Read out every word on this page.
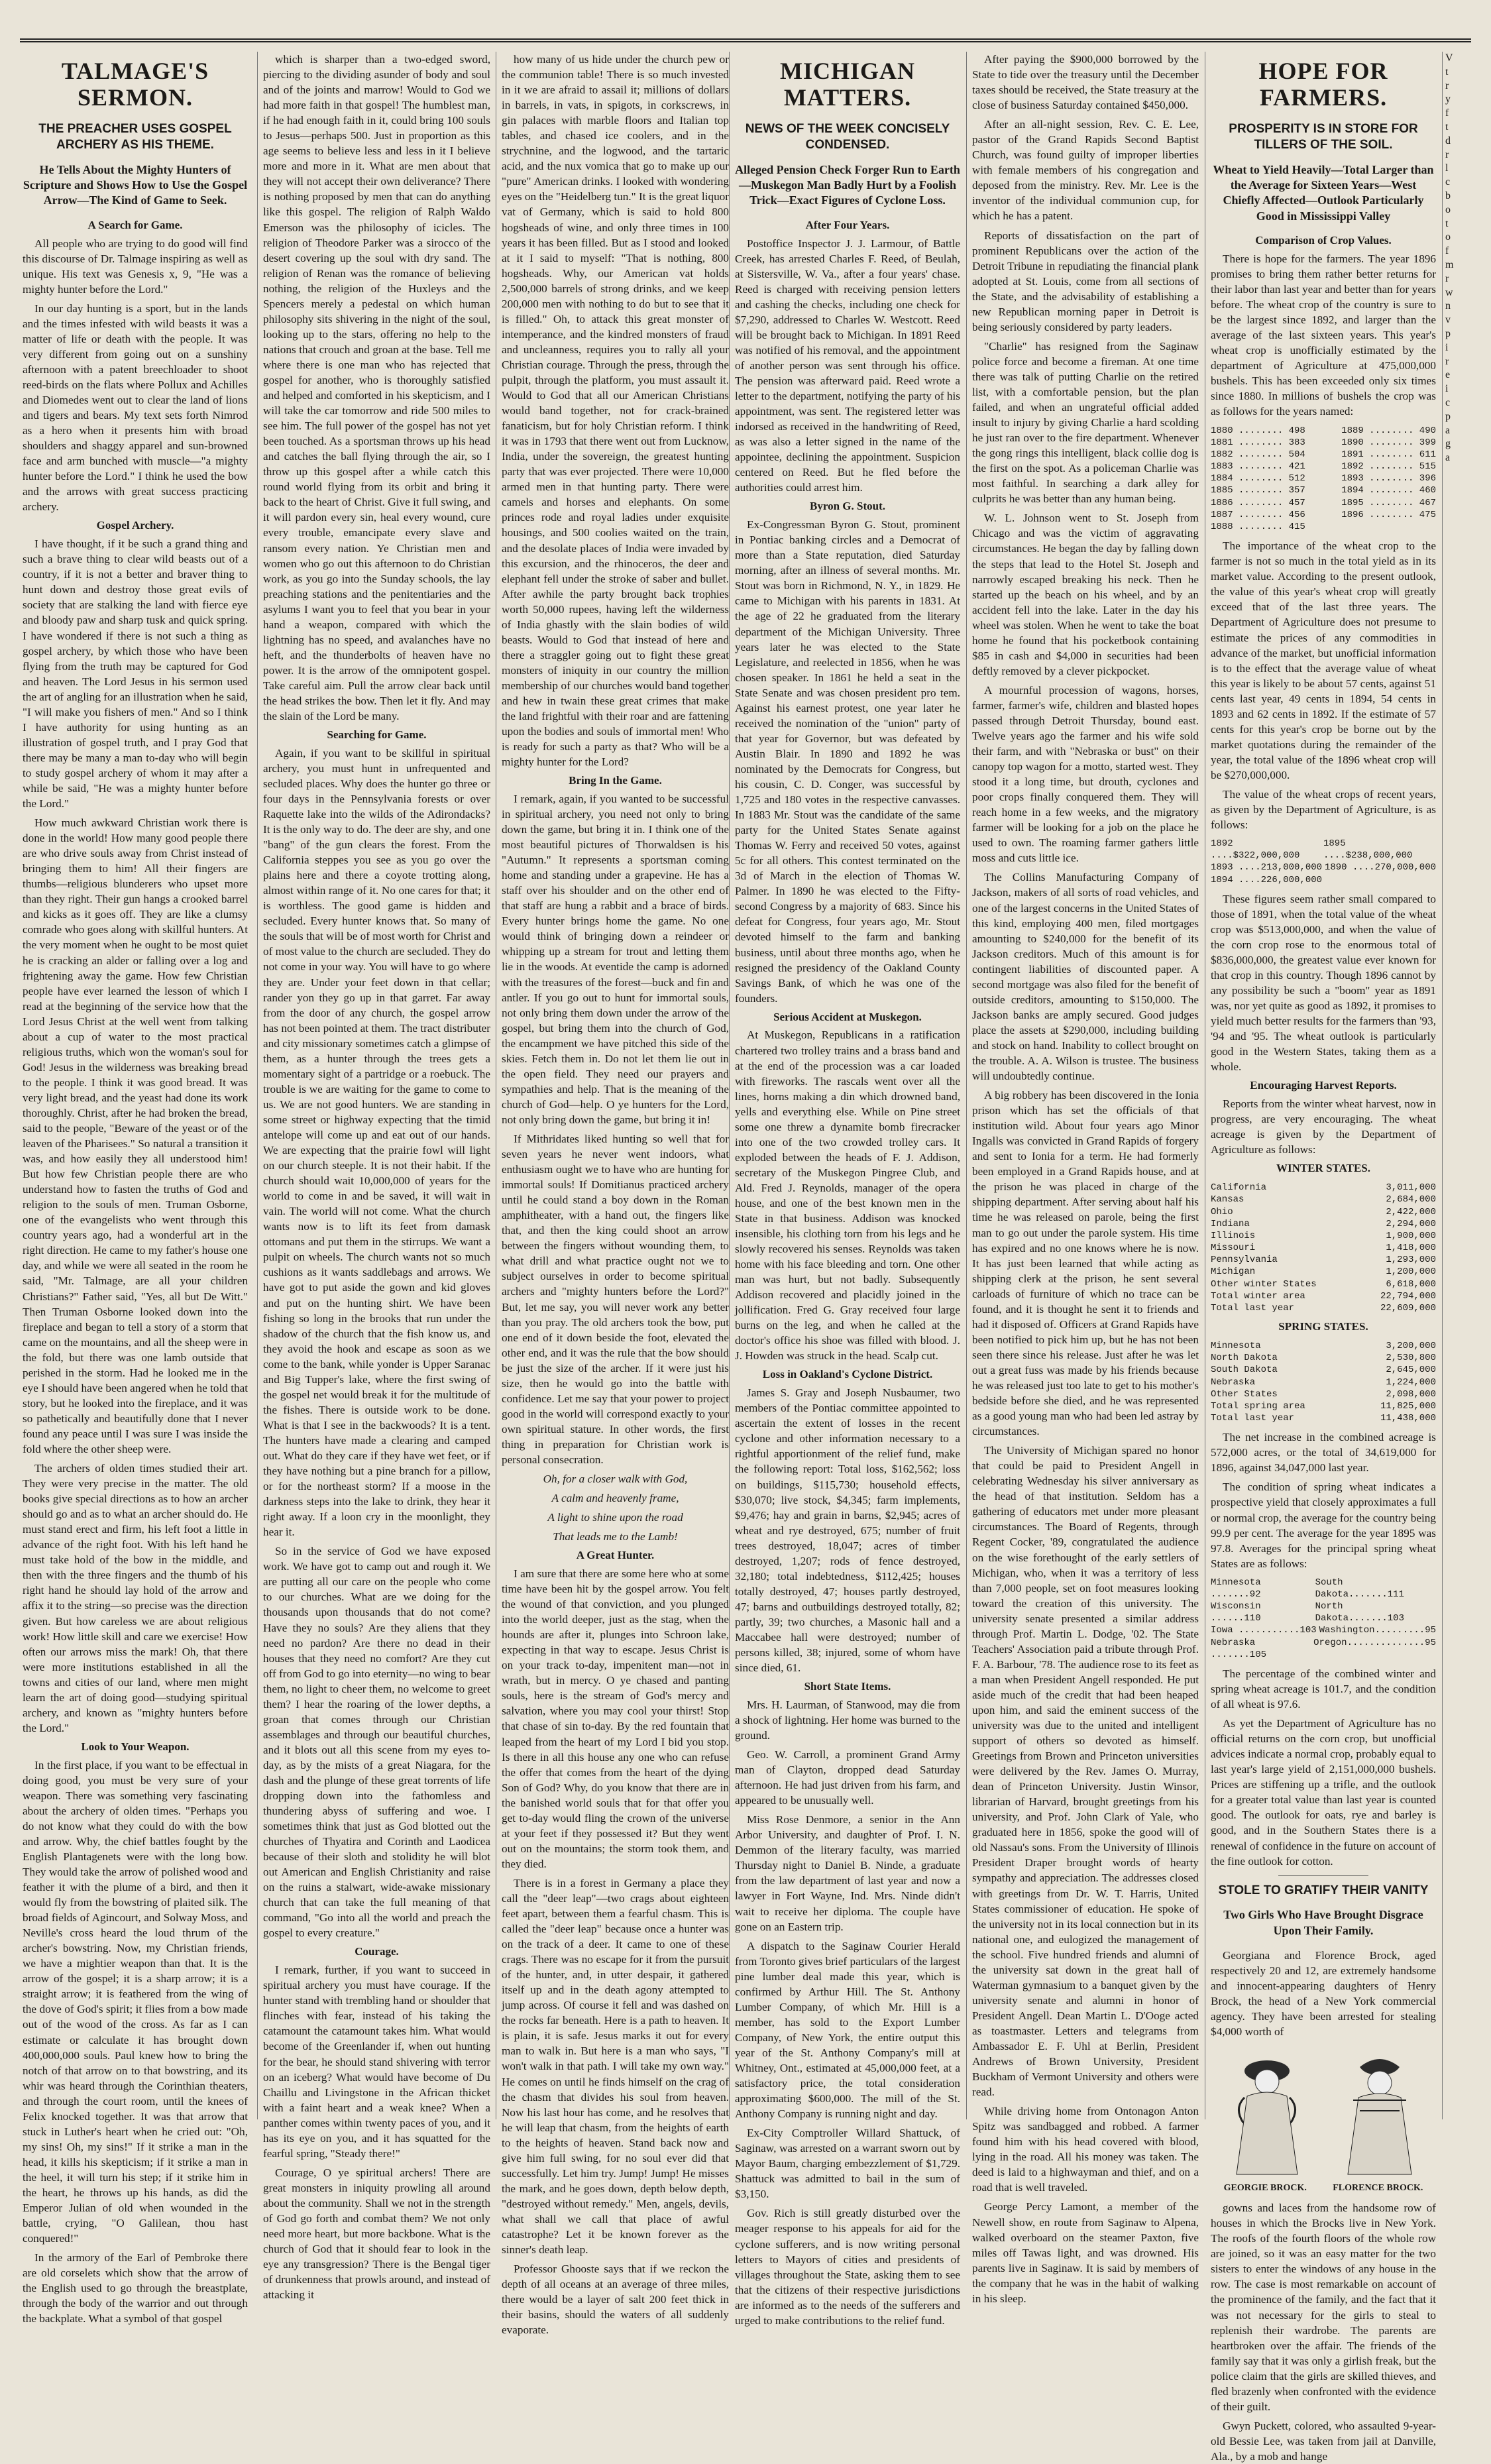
TALMAGE'S SERMON.
THE PREACHER USES GOSPEL ARCHERY AS HIS THEME.
He Tells About the Mighty Hunters of Scripture and Shows How to Use the Gospel Arrow—The Kind of Game to Seek.
A Search for Game.

All people who are trying to do good will find this discourse of Dr. Talmage inspiring as well as unique. His text was Genesis x, 9, "He was a mighty hunter before the Lord."

In our day hunting is a sport, but in the lands and the times infested with wild beasts it was a matter of life or death with the people. It was very different from going out on a sunshiny afternoon with a patent breechloader to shoot reed-birds on the flats where Pollux and Achilles and Diomedes went out to clear the land of lions and tigers and bears. My text sets forth Nimrod as a hero when it presents him with broad shoulders and shaggy apparel and sun-browned face and arm bunched with muscle—"a mighty hunter before the Lord." I think he used the bow and the arrows with great success practicing archery.

Gospel Archery.

I have thought, if it be such a grand thing and such a brave thing to clear wild beasts out of a country, if it is not a better and braver thing to hunt down and destroy those great evils of society that are stalking the land with fierce eye and bloody paw and sharp tusk and quick spring. I have wondered if there is not such a thing as gospel archery, by which those who have been flying from the truth may be captured for God and heaven. The Lord Jesus in his sermon used the art of angling for an illustration when he said, "I will make you fishers of men." And so I think I have authority for using hunting as an illustration of gospel truth, and I pray God that there may be many a man to-day who will begin to study gospel archery of whom it may after a while be said, "He was a mighty hunter before the Lord."

How much awkward Christian work there is done in the world! How many good people there are who drive souls away from Christ instead of bringing them to him! All their fingers are thumbs—religious blunderers who upset more than they right. Their gun hangs a crooked barrel and kicks as it goes off. They are like a clumsy comrade who goes along with skillful hunters. At the very moment when he ought to be most quiet he is cracking an alder or falling over a log and frightening away the game. How few Christian people have ever learned the lesson of which I read at the beginning of the service how that the Lord Jesus Christ at the well went from talking about a cup of water to the most practical religious truths, which won the woman's soul for God! Jesus in the wilderness was breaking bread to the people. I think it was good bread. It was very light bread, and the yeast had done its work thoroughly. Christ, after he had broken the bread, said to the people, "Beware of the yeast or of the leaven of the Pharisees." So natural a transition it was, and how easily they all understood him! But how few Christian people there are who understand how to fasten the truths of God and religion to the souls of men. Truman Osborne, one of the evangelists who went through this country years ago, had a wonderful art in the right direction. He came to my father's house one day, and while we were all seated in the room he said, "Mr. Talmage, are all your children Christians?" Father said, "Yes, all but De Witt." Then Truman Osborne looked down into the fireplace and began to tell a story of a storm that came on the mountains, and all the sheep were in the fold, but there was one lamb outside that perished in the storm. Had he looked me in the eye I should have been angered when he told that story, but he looked into the fireplace, and it was so pathetically and beautifully done that I never found any peace until I was sure I was inside the fold where the other sheep were.

The archers of olden times studied their art. They were very precise in the matter. The old books give special directions as to how an archer should go and as to what an archer should do. He must stand erect and firm, his left foot a little in advance of the right foot. With his left hand he must take hold of the bow in the middle, and then with the three fingers and the thumb of his right hand he should lay hold of the arrow and affix it to the string—so precise was the direction given. But how careless we are about religious work! How little skill and care we exercise! How often our arrows miss the mark! Oh, that there were more institutions established in all the towns and cities of our land, where men might learn the art of doing good—studying spiritual archery, and known as "mighty hunters before the Lord."

Look to Your Weapon.

In the first place, if you want to be effectual in doing good, you must be very sure of your weapon. There was something very fascinating about the archery of olden times. "Perhaps you do not know what they could do with the bow and arrow. Why, the chief battles fought by the English Plantagenets were with the long bow. They would take the arrow of polished wood and feather it with the plume of a bird, and then it would fly from the bowstring of plaited silk. The broad fields of Agincourt, and Solway Moss, and Neville's cross heard the loud thrum of the archer's bowstring. Now, my Christian friends, we have a mightier weapon than that. It is the arrow of the gospel; it is a sharp arrow; it is a straight arrow; it is feathered from the wing of the dove of God's spirit; it flies from a bow made out of the wood of the cross. As far as I can estimate or calculate it has brought down 400,000,000 souls. Paul knew how to bring the notch of that arrow on to that bowstring, and its whir was heard through the Corinthian theaters, and through the court room, until the knees of Felix knocked together. It was that arrow that stuck in Luther's heart when he cried out: "Oh, my sins! Oh, my sins!" If it strike a man in the head, it kills his skepticism; if it strike a man in the heel, it will turn his step; if it strike him in the heart, he throws up his hands, as did the Emperor Julian of old when wounded in the battle, crying, "O Galilean, thou hast conquered!"

In the armory of the Earl of Pembroke there are old corselets which show that the arrow of the English used to go through the breastplate, through the body of the warrior and out through the backplate. What a symbol of that gospel

which is sharper than a two-edged sword, piercing to the dividing asunder of body and soul and of the joints and marrow! Would to God we had more faith in that gospel! The humblest man, if he had enough faith in it, could bring 100 souls to Jesus—perhaps 500. Just in proportion as this age seems to believe less and less in it I believe more and more in it. What are men about that they will not accept their own deliverance? There is nothing proposed by men that can do anything like this gospel. The religion of Ralph Waldo Emerson was the philosophy of icicles. The religion of Theodore Parker was a sirocco of the desert covering up the soul with dry sand. The religion of Renan was the romance of believing nothing, the religion of the Huxleys and the Spencers merely a pedestal on which human philosophy sits shivering in the night of the soul, looking up to the stars, offering no help to the nations that crouch and groan at the base. Tell me where there is one man who has rejected that gospel for another, who is thoroughly satisfied and helped and comforted in his skepticism, and I will take the car tomorrow and ride 500 miles to see him. The full power of the gospel has not yet been touched. As a sportsman throws up his head and catches the ball flying through the air, so I throw up this gospel after a while catch this round world flying from its orbit and bring it back to the heart of Christ. Give it full swing, and it will pardon every sin, heal every wound, cure every trouble, emancipate every slave and ransom every nation. Ye Christian men and women who go out this afternoon to do Christian work, as you go into the Sunday schools, the lay preaching stations and the penitentiaries and the asylums I want you to feel that you bear in your hand a weapon, compared with which the lightning has no speed, and avalanches have no heft, and the thunderbolts of heaven have no power. It is the arrow of the omnipotent gospel. Take careful aim. Pull the arrow clear back until the head strikes the bow. Then let it fly. And may the slain of the Lord be many.

Searching for Game.

Again, if you want to be skillful in spiritual archery, you must hunt in unfrequented and secluded places. Why does the hunter go three or four days in the Pennsylvania forests or over Raquette lake into the wilds of the Adirondacks? It is the only way to do. The deer are shy, and one "bang" of the gun clears the forest. From the California steppes you see as you go over the plains here and there a coyote trotting along, almost within range of it. No one cares for that; it is worthless. The good game is hidden and secluded. Every hunter knows that. So many of the souls that will be of most worth for Christ and of most value to the church are secluded. They do not come in your way. You will have to go where they are. Under your feet down in that cellar; rander yon they go up in that garret. Far away from the door of any church, the gospel arrow has not been pointed at them. The tract distributer and city missionary sometimes catch a glimpse of them, as a hunter through the trees gets a momentary sight of a partridge or a roebuck. The trouble is we are waiting for the game to come to us. We are not good hunters. We are standing in some street or highway expecting that the timid antelope will come up and eat out of our hands. We are expecting that the prairie fowl will light on our church steeple. It is not their habit. If the church should wait 10,000,000 of years for the world to come in and be saved, it will wait in vain. The world will not come. What the church wants now is to lift its feet from damask ottomans and put them in the stirrups. We want a pulpit on wheels. The church wants not so much cushions as it wants saddlebags and arrows. We have got to put aside the gown and kid gloves and put on the hunting shirt. We have been fishing so long in the brooks that run under the shadow of the church that the fish know us, and they avoid the hook and escape as soon as we come to the bank, while yonder is Upper Saranac and Big Tupper's lake, where the first swing of the gospel net would break it for the multitude of the fishes. There is outside work to be done. What is that I see in the backwoods? It is a tent. The hunters have made a clearing and camped out. What do they care if they have wet feet, or if they have nothing but a pine branch for a pillow, or for the northeast storm? If a moose in the darkness steps into the lake to drink, they hear it right away. If a loon cry in the moonlight, they hear it.

So in the service of God we have exposed work. We have got to camp out and rough it. We are putting all our care on the people who come to our churches. What are we doing for the thousands upon thousands that do not come? Have they no souls? Are they aliens that they need no pardon? Are there no dead in their houses that they need no comfort? Are they cut off from God to go into eternity—no wing to bear them, no light to cheer them, no welcome to greet them? I hear the roaring of the lower depths, a groan that comes through our Christian assemblages and through our beautiful churches, and it blots out all this scene from my eyes to-day, as by the mists of a great Niagara, for the dash and the plunge of these great torrents of life dropping down into the fathomless and thundering abyss of suffering and woe. I sometimes think that just as God blotted out the churches of Thyatira and Corinth and Laodicea because of their sloth and stolidity he will blot out American and English Christianity and raise on the ruins a stalwart, wide-awake missionary church that can take the full meaning of that command, "Go into all the world and preach the gospel to every creature."

Courage.

I remark, further, if you want to succeed in spiritual archery you must have courage. If the hunter stand with trembling hand or shoulder that flinches with fear, instead of his taking the catamount the catamount takes him. What would become of the Greenlander if, when out hunting for the bear, he should stand shivering with terror on an iceberg? What would have become of Du Chaillu and Livingstone in the African thicket with a faint heart and a weak knee? When a panther comes within twenty paces of you, and it has its eye on you, and it has squatted for the fearful spring, "Steady there!"

Courage, O ye spiritual archers! There are great monsters in iniquity prowling all around about the community. Shall we not in the strength of God go forth and combat them? We not only need more heart, but more backbone. What is the church of God that it should fear to look in the eye any transgression? There is the Bengal tiger of drunkenness that prowls around, and instead of attacking it

how many of us hide under the church pew or the communion table! There is so much invested in it we are afraid to assail it; millions of dollars in barrels, in vats, in spigots, in corkscrews, in gin palaces with marble floors and Italian top tables, and chased ice coolers, and in the strychnine, and the logwood, and the tartaric acid, and the nux vomica that go to make up our "pure" American drinks. I looked with wondering eyes on the "Heidelberg tun." It is the great liquor vat of Germany, which is said to hold 800 hogsheads of wine, and only three times in 100 years it has been filled. But as I stood and looked at it I said to myself: "That is nothing, 800 hogsheads. Why, our American vat holds 2,500,000 barrels of strong drinks, and we keep 200,000 men with nothing to do but to see that it is filled." Oh, to attack this great monster of intemperance, and the kindred monsters of fraud and uncleanness, requires you to rally all your Christian courage. Through the press, through the pulpit, through the platform, you must assault it. Would to God that all our American Christians would band together, not for crack-brained fanaticism, but for holy Christian reform. I think it was in 1793 that there went out from Lucknow, India, under the sovereign, the greatest hunting party that was ever projected. There were 10,000 armed men in that hunting party. There were camels and horses and elephants. On some princes rode and royal ladies under exquisite housings, and 500 coolies waited on the train, and the desolate places of India were invaded by this excursion, and the rhinoceros, the deer and elephant fell under the stroke of saber and bullet. After awhile the party brought back trophies worth 50,000 rupees, having left the wilderness of India ghastly with the slain bodies of wild beasts. Would to God that instead of here and there a straggler going out to fight these great monsters of iniquity in our country the million membership of our churches would band together and hew in twain these great crimes that make the land frightful with their roar and are fattening upon the bodies and souls of immortal men! Who is ready for such a party as that? Who will be a mighty hunter for the Lord?

Bring In the Game.

I remark, again, if you wanted to be successful in spiritual archery, you need not only to bring down the game, but bring it in. I think one of the most beautiful pictures of Thorwaldsen is his "Autumn." It represents a sportsman coming home and standing under a grapevine. He has a staff over his shoulder and on the other end of that staff are hung a rabbit and a brace of birds. Every hunter brings home the game. No one would think of bringing down a reindeer or whipping up a stream for trout and letting them lie in the woods. At eventide the camp is adorned with the treasures of the forest—buck and fin and antler. If you go out to hunt for immortal souls, not only bring them down under the arrow of the gospel, but bring them into the church of God, the encampment we have pitched this side of the skies. Fetch them in. Do not let them lie out in the open field. They need our prayers and sympathies and help. That is the meaning of the church of God—help. O ye hunters for the Lord, not only bring down the game, but bring it in!

If Mithridates liked hunting so well that for seven years he never went indoors, what enthusiasm ought we to have who are hunting for immortal souls! If Domitianus practiced archery until he could stand a boy down in the Roman amphitheater, with a hand out, the fingers like that, and then the king could shoot an arrow between the fingers without wounding them, to what drill and what practice ought not we to subject ourselves in order to become spiritual archers and "mighty hunters before the Lord?" But, let me say, you will never work any better than you pray. The old archers took the bow, put one end of it down beside the foot, elevated the other end, and it was the rule that the bow should be just the size of the archer. If it were just his size, then he would go into the battle with confidence. Let me say that your power to project good in the world will correspond exactly to your own spiritual stature. In other words, the first thing in preparation for Christian work is personal consecration.

Oh, for a closer walk with God,
A calm and heavenly frame,
A light to shine upon the road
That leads me to the Lamb!
A Great Hunter.

I am sure that there are some here who at some time have been hit by the gospel arrow. You felt the wound of that conviction, and you plunged into the world deeper, just as the stag, when the hounds are after it, plunges into Schroon lake, expecting in that way to escape. Jesus Christ is on your track to-day, impenitent man—not in wrath, but in mercy. O ye chased and panting souls, here is the stream of God's mercy and salvation, where you may cool your thirst! Stop that chase of sin to-day. By the red fountain that leaped from the heart of my Lord I bid you stop. Is there in all this house any one who can refuse the offer that comes from the heart of the dying Son of God? Why, do you know that there are in the banished world souls that for that offer you get to-day would fling the crown of the universe at your feet if they possessed it? But they went out on the mountains; the storm took them, and they died.

There is in a forest in Germany a place they call the "deer leap"—two crags about eighteen feet apart, between them a fearful chasm. This is called the "deer leap" because once a hunter was on the track of a deer. It came to one of these crags. There was no escape for it from the pursuit of the hunter, and, in utter despair, it gathered itself up and in the death agony attempted to jump across. Of course it fell and was dashed on the rocks far beneath. Here is a path to heaven. It is plain, it is safe. Jesus marks it out for every man to walk in. But here is a man who says, "I won't walk in that path. I will take my own way." He comes on until he finds himself on the crag of the chasm that divides his soul from heaven. Now his last hour has come, and he resolves that he will leap that chasm, from the heights of earth to the heights of heaven. Stand back now and give him full swing, for no soul ever did that successfully. Let him try. Jump! Jump! He misses the mark, and he goes down, depth below depth, "destroyed without remedy." Men, angels, devils, what shall we call that place of awful catastrophe? Let it be known forever as the sinner's death leap.

Professor Ghooste says that if we reckon the depth of all oceans at an average of three miles, there would be a layer of salt 200 feet thick in their basins, should the waters of all suddenly evaporate.

MICHIGAN MATTERS.
NEWS OF THE WEEK CONCISELY CONDENSED.
Alleged Pension Check Forger Run to Earth—Muskegon Man Badly Hurt by a Foolish Trick—Exact Figures of Cyclone Loss.
After Four Years.

Postoffice Inspector J. J. Larmour, of Battle Creek, has arrested Charles F. Reed, of Beulah, at Sistersville, W. Va., after a four years' chase. Reed is charged with receiving pension letters and cashing the checks, including one check for $7,290, addressed to Charles W. Westcott. Reed will be brought back to Michigan. In 1891 Reed was notified of his removal, and the appointment of another person was sent through his office. The pension was afterward paid. Reed wrote a letter to the department, notifying the party of his appointment, was sent. The registered letter was indorsed as received in the handwriting of Reed, as was also a letter signed in the name of the appointee, declining the appointment. Suspicion centered on Reed. But he fled before the authorities could arrest him.

Byron G. Stout.

Ex-Congressman Byron G. Stout, prominent in Pontiac banking circles and a Democrat of more than a State reputation, died Saturday morning, after an illness of several months. Mr. Stout was born in Richmond, N. Y., in 1829. He came to Michigan with his parents in 1831. At the age of 22 he graduated from the literary department of the Michigan University. Three years later he was elected to the State Legislature, and reelected in 1856, when he was chosen speaker. In 1861 he held a seat in the State Senate and was chosen president pro tem. Against his earnest protest, one year later he received the nomination of the "union" party of that year for Governor, but was defeated by Austin Blair. In 1890 and 1892 he was nominated by the Democrats for Congress, but his cousin, C. D. Conger, was successful by 1,725 and 180 votes in the respective canvasses. In 1883 Mr. Stout was the candidate of the same party for the United States Senate against Thomas W. Ferry and received 50 votes, against 5c for all others. This contest terminated on the 3d of March in the election of Thomas W. Palmer. In 1890 he was elected to the Fifty-second Congress by a majority of 683. Since his defeat for Congress, four years ago, Mr. Stout devoted himself to the farm and banking business, until about three months ago, when he resigned the presidency of the Oakland County Savings Bank, of which he was one of the founders.

Serious Accident at Muskegon.

At Muskegon, Republicans in a ratification chartered two trolley trains and a brass band and at the end of the procession was a car loaded with fireworks. The rascals went over all the lines, horns making a din which drowned band, yells and everything else. While on Pine street some one threw a dynamite bomb firecracker into one of the two crowded trolley cars. It exploded between the heads of F. J. Addison, secretary of the Muskegon Pingree Club, and Ald. Fred J. Reynolds, manager of the opera house, and one of the best known men in the State in that business. Addison was knocked insensible, his clothing torn from his legs and he slowly recovered his senses. Reynolds was taken home with his face bleeding and torn. One other man was hurt, but not badly. Subsequently Addison recovered and placidly joined in the jollification. Fred G. Gray received four large burns on the leg, and when he called at the doctor's office his shoe was filled with blood. J. J. Howden was struck in the head. Scalp cut.

Loss in Oakland's Cyclone District.

James S. Gray and Joseph Nusbaumer, two members of the Pontiac committee appointed to ascertain the extent of losses in the recent cyclone and other information necessary to a rightful apportionment of the relief fund, make the following report: Total loss, $162,562; loss on buildings, $115,730; household effects, $30,070; live stock, $4,345; farm implements, $9,476; hay and grain in barns, $2,945; acres of wheat and rye destroyed, 675; number of fruit trees destroyed, 18,047; acres of timber destroyed, 1,207; rods of fence destroyed, 32,180; total indebtedness, $112,425; houses totally destroyed, 47; houses partly destroyed, 47; barns and outbuildings destroyed totally, 82; partly, 39; two churches, a Masonic hall and a Maccabee hall were destroyed; number of persons killed, 38; injured, some of whom have since died, 61.

Short State Items.

Mrs. H. Laurman, of Stanwood, may die from a shock of lightning. Her home was burned to the ground.

Geo. W. Carroll, a prominent Grand Army man of Clayton, dropped dead Saturday afternoon. He had just driven from his farm, and appeared to be unusually well.

Miss Rose Denmore, a senior in the Ann Arbor University, and daughter of Prof. I. N. Demmon of the literary faculty, was married Thursday night to Daniel B. Ninde, a graduate from the law department of last year and now a lawyer in Fort Wayne, Ind. Mrs. Ninde didn't wait to receive her diploma. The couple have gone on an Eastern trip.

A dispatch to the Saginaw Courier Herald from Toronto gives brief particulars of the largest pine lumber deal made this year, which is confirmed by Arthur Hill. The St. Anthony Lumber Company, of which Mr. Hill is a member, has sold to the Export Lumber Company, of New York, the entire output this year of the St. Anthony Company's mill at Whitney, Ont., estimated at 45,000,000 feet, at a satisfactory price, the total consideration approximating $600,000. The mill of the St. Anthony Company is running night and day.

Ex-City Comptroller Willard Shattuck, of Saginaw, was arrested on a warrant sworn out by Mayor Baum, charging embezzlement of $1,729. Shattuck was admitted to bail in the sum of $3,150.

Gov. Rich is still greatly disturbed over the meager response to his appeals for aid for the cyclone sufferers, and is now writing personal letters to Mayors of cities and presidents of villages throughout the State, asking them to see that the citizens of their respective jurisdictions are informed as to the needs of the sufferers and urged to make contributions to the relief fund.

After paying the $900,000 borrowed by the State to tide over the treasury until the December taxes should be received, the State treasury at the close of business Saturday contained $450,000.

After an all-night session, Rev. C. E. Lee, pastor of the Grand Rapids Second Baptist Church, was found guilty of improper liberties with female members of his congregation and deposed from the ministry. Rev. Mr. Lee is the inventor of the individual communion cup, for which he has a patent.

Reports of dissatisfaction on the part of prominent Republicans over the action of the Detroit Tribune in repudiating the financial plank adopted at St. Louis, come from all sections of the State, and the advisability of establishing a new Republican morning paper in Detroit is being seriously considered by party leaders.

"Charlie" has resigned from the Saginaw police force and become a fireman. At one time there was talk of putting Charlie on the retired list, with a comfortable pension, but the plan failed, and when an ungrateful official added insult to injury by giving Charlie a hard scolding he just ran over to the fire department. Whenever the gong rings this intelligent, black collie dog is the first on the spot. As a policeman Charlie was most faithful. In searching a dark alley for culprits he was better than any human being.

W. L. Johnson went to St. Joseph from Chicago and was the victim of aggravating circumstances. He began the day by falling down the steps that lead to the Hotel St. Joseph and narrowly escaped breaking his neck. Then he started up the beach on his wheel, and by an accident fell into the lake. Later in the day his wheel was stolen. When he went to take the boat home he found that his pocketbook containing $85 in cash and $4,000 in securities had been deftly removed by a clever pickpocket.

A mournful procession of wagons, horses, farmer, farmer's wife, children and blasted hopes passed through Detroit Thursday, bound east. Twelve years ago the farmer and his wife sold their farm, and with "Nebraska or bust" on their canopy top wagon for a motto, started west. They stood it a long time, but drouth, cyclones and poor crops finally conquered them. They will reach home in a few weeks, and the migratory farmer will be looking for a job on the place he used to own. The roaming farmer gathers little moss and cuts little ice.

The Collins Manufacturing Company of Jackson, makers of all sorts of road vehicles, and one of the largest concerns in the United States of this kind, employing 400 men, filed mortgages amounting to $240,000 for the benefit of its Jackson creditors. Much of this amount is for contingent liabilities of discounted paper. A second mortgage was also filed for the benefit of outside creditors, amounting to $150,000. The Jackson banks are amply secured. Good judges place the assets at $290,000, including building and stock on hand. Inability to collect brought on the trouble. A. A. Wilson is trustee. The business will undoubtedly continue.

A big robbery has been discovered in the Ionia prison which has set the officials of that institution wild. About four years ago Minor Ingalls was convicted in Grand Rapids of forgery and sent to Ionia for a term. He had formerly been employed in a Grand Rapids house, and at the prison he was placed in charge of the shipping department. After serving about half his time he was released on parole, being the first man to go out under the parole system. His time has expired and no one knows where he is now. It has just been learned that while acting as shipping clerk at the prison, he sent several carloads of furniture of which no trace can be found, and it is thought he sent it to friends and had it disposed of. Officers at Grand Rapids have been notified to pick him up, but he has not been seen there since his release. Just after he was let out a great fuss was made by his friends because he was released just too late to get to his mother's bedside before she died, and he was represented as a good young man who had been led astray by circumstances.

The University of Michigan spared no honor that could be paid to President Angell in celebrating Wednesday his silver anniversary as the head of that institution. Seldom has a gathering of educators met under more pleasant circumstances. The Board of Regents, through Regent Cocker, '89, congratulated the audience on the wise forethought of the early settlers of Michigan, who, when it was a territory of less than 7,000 people, set on foot measures looking toward the creation of this university. The university senate presented a similar address through Prof. Martin L. Dodge, '02. The State Teachers' Association paid a tribute through Prof. F. A. Barbour, '78. The audience rose to its feet as a man when President Angell responded. He put aside much of the credit that had been heaped upon him, and said the eminent success of the university was due to the united and intelligent support of others so devoted as himself. Greetings from Brown and Princeton universities were delivered by the Rev. James O. Murray, dean of Princeton University. Justin Winsor, librarian of Harvard, brought greetings from his university, and Prof. John Clark of Yale, who graduated here in 1856, spoke the good will of old Nassau's sons. From the University of Illinois President Draper brought words of hearty sympathy and appreciation. The addresses closed with greetings from Dr. W. T. Harris, United States commissioner of education. He spoke of the university not in its local connection but in its national one, and eulogized the management of the school. Five hundred friends and alumni of the university sat down in the great hall of Waterman gymnasium to a banquet given by the university senate and alumni in honor of President Angell. Dean Martin L. D'Ooge acted as toastmaster. Letters and telegrams from Ambassador E. F. Uhl at Berlin, President Andrews of Brown University, President Buckham of Vermont University and others were read.

While driving home from Ontonagon Anton Spitz was sandbagged and robbed. A farmer found him with his head covered with blood, lying in the road. All his money was taken. The deed is laid to a highwayman and thief, and on a road that is well traveled.

George Percy Lamont, a member of the Newell show, en route from Saginaw to Alpena, walked overboard on the steamer Paxton, five miles off Tawas light, and was drowned. His parents live in Saginaw. It is said by members of the company that he was in the habit of walking in his sleep.

HOPE FOR FARMERS.
PROSPERITY IS IN STORE FOR TILLERS OF THE SOIL.
Wheat to Yield Heavily—Total Larger than the Average for Sixteen Years—West Chiefly Affected—Outlook Particularly Good in Mississippi Valley
Comparison of Crop Values.

There is hope for the farmers. The year 1896 promises to bring them rather better returns for their labor than last year and better than for years before. The wheat crop of the country is sure to be the largest since 1892, and larger than the average of the last sixteen years. This year's wheat crop is unofficially estimated by the department of Agriculture at 475,000,000 bushels. This has been exceeded only six times since 1880. In millions of bushels the crop was as follows for the years named:

1880 ........ 498	1889 ........ 490
1881 ........ 383	1890 ........ 399
1882 ........ 504	1891 ........ 611
1883 ........ 421	1892 ........ 515
1884 ........ 512	1893 ........ 396
1885 ........ 357	1894 ........ 460
1886 ........ 457	1895 ........ 467
1887 ........ 456	1896 ........ 475
1888 ........ 415

The importance of the wheat crop to the farmer is not so much in the total yield as in its market value. According to the present outlook, the value of this year's wheat crop will greatly exceed that of the last three years. The Department of Agriculture does not presume to estimate the prices of any commodities in advance of the market, but unofficial information is to the effect that the average value of wheat this year is likely to be about 57 cents, against 51 cents last year, 49 cents in 1894, 54 cents in 1893 and 62 cents in 1892. If the estimate of 57 cents for this year's crop be borne out by the market quotations during the remainder of the year, the total value of the 1896 wheat crop will be $270,000,000.

The value of the wheat crops of recent years, as given by the Department of Agriculture, is as follows:

1892 ....$322,000,000
1895 ....$238,000,000
1893 ....213,000,000 1890 ....270,000,000
1894 ....226,000,000

These figures seem rather small compared to those of 1891, when the total value of the wheat crop was $513,000,000, and when the value of the corn crop rose to the enormous total of $836,000,000, the greatest value ever known for that crop in this country. Though 1896 cannot by any possibility be such a "boom" year as 1891 was, nor yet quite as good as 1892, it promises to yield much better results for the farmers than '93, '94 and '95. The wheat outlook is particularly good in the Western States, taking them as a whole.

Encouraging Harvest Reports.

Reports from the winter wheat harvest, now in progress, are very encouraging. The wheat acreage is given by the Department of Agriculture as follows:

WINTER STATES.
California	3,011,000
Kansas	2,684,000
Ohio	2,422,000
Indiana	2,294,000
Illinois	1,900,000
Missouri	1,418,000
Pennsylvania	1,293,000
Michigan	1,200,000
Other winter States	6,618,000
Total winter area	22,794,000
Total last year	22,609,000
SPRING STATES.
Minnesota	3,200,000
North Dakota	2,530,800
South Dakota	2,645,000
Nebraska	1,224,000
Other States	2,098,000
Total spring area	11,825,000
Total last year	11,438,000

The net increase in the combined acreage is 572,000 acres, or the total of 34,619,000 for 1896, against 34,047,000 last year.

The condition of spring wheat indicates a prospective yield that closely approximates a full or normal crop, the average for the country being 99.9 per cent. The average for the year 1895 was 97.8. Averages for the principal spring wheat States are as follows:

Minnesota .......92
South Dakota.......111
Wisconsin ......110
North Dakota.......103
Iowa ...........103 Washington.........95
Nebraska .......105
Oregon..............95

The percentage of the combined winter and spring wheat acreage is 101.7, and the condition of all wheat is 97.6.

As yet the Department of Agriculture has no official returns on the corn crop, but unofficial advices indicate a normal crop, probably equal to last year's large yield of 2,151,000,000 bushels. Prices are stiffening up a trifle, and the outlook for a greater total value than last year is counted good. The outlook for oats, rye and barley is good, and in the Southern States there is a renewal of confidence in the future on account of the fine outlook for cotton.

STOLE TO GRATIFY THEIR VANITY
Two Girls Who Have Brought Disgrace Upon Their Family.

Georgiana and Florence Brock, aged respectively 20 and 12, are extremely handsome and innocent-appearing daughters of Henry Brock, the head of a New York commercial agency. They have been arrested for stealing $4,000 worth of

GEORGIE BROCK.	FLORENCE BROCK.

gowns and laces from the handsome row of houses in which the Brocks live in New York. The roofs of the fourth floors of the whole row are joined, so it was an easy matter for the two sisters to enter the windows of any house in the row. The case is most remarkable on account of the prominence of the family, and the fact that it was not necessary for the girls to steal to replenish their wardrobe. The parents are heartbroken over the affair. The friends of the family say that it was only a girlish freak, but the police claim that the girls are skilled thieves, and fled brazenly when confronted with the evidence of their guilt.

Gwyn Puckett, colored, who assaulted 9-year-old Bessie Lee, was taken from jail at Danville, Ala., by a mob and hange

V
t
r
y
f
t
d
r
l
c
b
o
t
o
f
m
r
w
n
v
p
i
r
e
i
c
p
a
g
a
